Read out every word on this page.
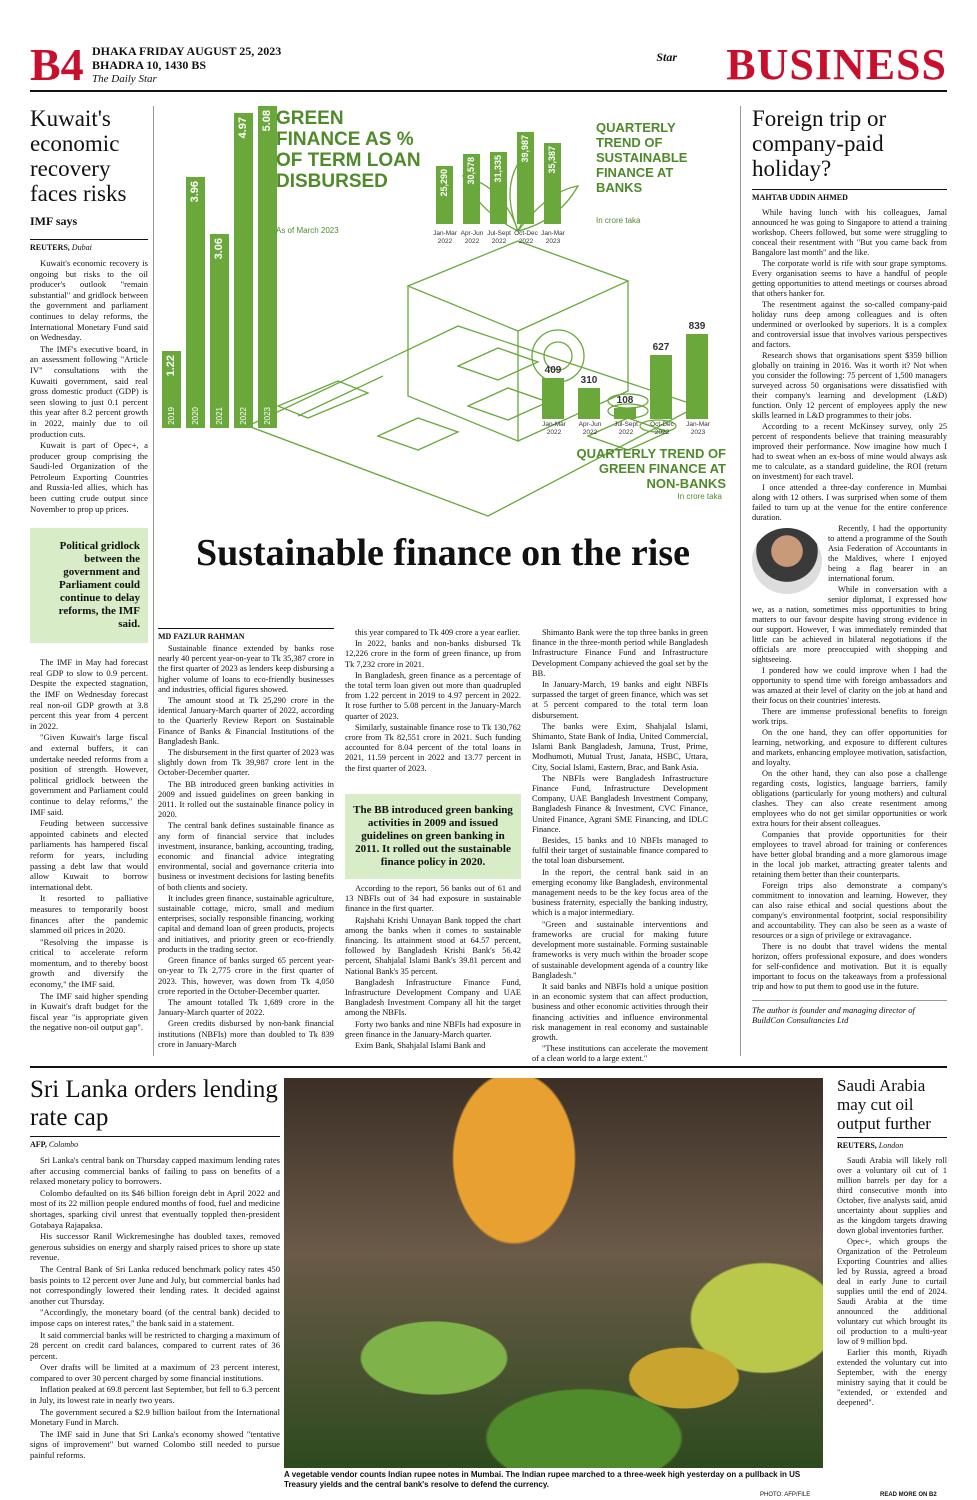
B4 DHAKA FRIDAY AUGUST 25, 2023
BHADRA 10, 1430 BS
The Daily Star
Star BUSINESS
Kuwait's economic recovery faces risks
IMF says
REUTERS, Dubai

Kuwait's economic recovery is ongoing but risks to the oil producer's outlook "remain substantial" and gridlock between the government and parliament continues to delay reforms, the International Monetary Fund said on Wednesday.

The IMF's executive board, in an assessment following "Article IV" consultations with the Kuwaiti government, said real gross domestic product (GDP) is seen slowing to just 0.1 percent this year after 8.2 percent growth in 2022, mainly due to oil production cuts.

Kuwait is part of Opec+, a producer group comprising the Saudi-led Organization of the Petroleum Exporting Countries and Russia-led allies, which has been cutting crude output since November to prop up prices.

Political gridlock between the government and Parliament could continue to delay reforms, the IMF said.

The IMF in May had forecast real GDP to slow to 0.9 percent. Despite the expected stagnation, the IMF on Wednesday forecast real non-oil GDP growth at 3.8 percent this year from 4 percent in 2022.

"Given Kuwait's large fiscal and external buffers, it can undertake needed reforms from a position of strength. However, political gridlock between the government and Parliament could continue to delay reforms," the IMF said.

Feuding between successive appointed cabinets and elected parliaments has hampered fiscal reform for years, including passing a debt law that would allow Kuwait to borrow international debt.

It resorted to palliative measures to temporarily boost finances after the pandemic slammed oil prices in 2020.

"Resolving the impasse is critical to accelerate reform momentum, and to thereby boost growth and diversify the economy," the IMF said.

The IMF said higher spending in Kuwait's draft budget for the fiscal year "is appropriate given the negative non-oil output gap".

1.22
2019
3.96
2020
3.06
2021
4.97
2022
5.08
2023
GREEN FINANCE AS % OF TERM LOAN DISBURSED
As of March 2023
25,290	30,578	31,335
39,987	35,387
Jan-Mar
2022
Apr-Jun
2022
Jul-Sept
2022
Oct-Dec
2022
Jan-Mar
2023
QUARTERLY TREND OF SUSTAINABLE FINANCE AT BANKS
In crore taka
409
310
108
627
839
Jan-Mar
2022
Apr-Jun
2022
Jul-Sept
2022
Oct-Dec
2022
Jan-Mar
2023
QUARTERLY TREND OF GREEN FINANCE AT NON-BANKS
In crore taka
Sustainable finance on the rise
MD FAZLUR RAHMAN

Sustainable finance extended by banks rose nearly 40 percent year-on-year to Tk 35,387 crore in the first quarter of 2023 as lenders keep disbursing a higher volume of loans to eco-friendly businesses and industries, official figures showed.

The amount stood at Tk 25,290 crore in the identical January-March quarter of 2022, according to the Quarterly Review Report on Sustainable Finance of Banks & Financial Institutions of the Bangladesh Bank.

The disbursement in the first quarter of 2023 was slightly down from Tk 39,987 crore lent in the October-December quarter.

The BB introduced green banking activities in 2009 and issued guidelines on green banking in 2011. It rolled out the sustainable finance policy in 2020.

The central bank defines sustainable finance as any form of financial service that includes investment, insurance, banking, accounting, trading, economic and financial advice integrating environmental, social and governance criteria into business or investment decisions for lasting benefits of both clients and society.

It includes green finance, sustainable agriculture, sustainable cottage, micro, small and medium enterprises, socially responsible financing, working capital and demand loan of green products, projects and initiatives, and priority green or eco-friendly products in the trading sector.

Green finance of banks surged 65 percent year-on-year to Tk 2,775 crore in the first quarter of 2023. This, however, was down from Tk 4,050 crore reported in the October-December quarter.

The amount totalled Tk 1,689 crore in the January-March quarter of 2022.

Green credits disbursed by non-bank financial institutions (NBFIs) more than doubled to Tk 839 crore in January-March

this year compared to Tk 409 crore a year earlier.

In 2022, banks and non-banks disbursed Tk 12,226 crore in the form of green finance, up from Tk 7,232 crore in 2021.

In Bangladesh, green finance as a percentage of the total term loan given out more than quadrupled from 1.22 percent in 2019 to 4.97 percent in 2022. It rose further to 5.08 percent in the January-March quarter of 2023.

Similarly, sustainable finance rose to Tk 130,762 crore from Tk 82,551 crore in 2021. Such funding accounted for 8.04 percent of the total loans in 2021, 11.59 percent in 2022 and 13.77 percent in the first quarter of 2023.

The BB introduced green banking activities in 2009 and issued guidelines on green banking in 2011. It rolled out the sustainable finance policy in 2020.

According to the report, 56 banks out of 61 and 13 NBFIs out of 34 had exposure in sustainable finance in the first quarter.

Rajshahi Krishi Unnayan Bank topped the chart among the banks when it comes to sustainable financing. Its attainment stood at 64.57 percent, followed by Bangladesh Krishi Bank's 56.42 percent, Shahjalal Islami Bank's 39.81 percent and National Bank's 35 percent.

Bangladesh Infrastructure Finance Fund, Infrastructure Development Company and UAE Bangladesh Investment Company all hit the target among the NBFIs.

Forty two banks and nine NBFIs had exposure in green finance in the January-March quarter.

Exim Bank, Shahjalal Islami Bank and

Shimanto Bank were the top three banks in green finance in the three-month period while Bangladesh Infrastructure Finance Fund and Infrastructure Development Company achieved the goal set by the BB.

In January-March, 19 banks and eight NBFIs surpassed the target of green finance, which was set at 5 percent compared to the total term loan disbursement.

The banks were Exim, Shahjalal Islami, Shimanto, State Bank of India, United Commercial, Islami Bank Bangladesh, Jamuna, Trust, Prime, Modhumoti, Mutual Trust, Janata, HSBC, Uttara, City, Social Islami, Eastern, Brac, and Bank Asia.

The NBFIs were Bangladesh Infrastructure Finance Fund, Infrastructure Development Company, UAE Bangladesh Investment Company, Bangladesh Finance & Investment, CVC Finance, United Finance, Agrani SME Financing, and IDLC Finance.

Besides, 15 banks and 10 NBFIs managed to fulfil their target of sustainable finance compared to the total loan disbursement.

In the report, the central bank said in an emerging economy like Bangladesh, environmental management needs to be the key focus area of the business fraternity, especially the banking industry, which is a major intermediary.

"Green and sustainable interventions and frameworks are crucial for making future development more sustainable. Forming sustainable frameworks is very much within the broader scope of sustainable development agenda of a country like Bangladesh."

It said banks and NBFIs hold a unique position in an economic system that can affect production, business and other economic activities through their financing activities and influence environmental risk management in real economy and sustainable growth.

"These institutions can accelerate the movement of a clean world to a large extent."

Foreign trip or company-paid holiday?
MAHTAB UDDIN AHMED

While having lunch with his colleagues, Jamal announced he was going to Singapore to attend a training workshop. Cheers followed, but some were struggling to conceal their resentment with "But you came back from Bangalore last month" and the like.

The corporate world is rife with sour grape symptoms. Every organisation seems to have a handful of people getting opportunities to attend meetings or courses abroad that others hanker for.

The resentment against the so-called company-paid holiday runs deep among colleagues and is often undermined or overlooked by superiors. It is a complex and controversial issue that involves various perspectives and factors.

Research shows that organisations spent $359 billion globally on training in 2016. Was it worth it? Not when you consider the following: 75 percent of 1,500 managers surveyed across 50 organisations were dissatisfied with their company's learning and development (L&D) function. Only 12 percent of employees apply the new skills learned in L&D programmes to their jobs.

According to a recent McKinsey survey, only 25 percent of respondents believe that training measurably improved their performance. Now imagine how much I had to sweat when an ex-boss of mine would always ask me to calculate, as a standard guideline, the ROI (return on investment) for each travel.

I once attended a three-day conference in Mumbai along with 12 others. I was surprised when some of them failed to turn up at the venue for the entire conference duration.

Recently, I had the opportunity to attend a programme of the South Asia Federation of Accountants in the Maldives, where I enjoyed being a flag bearer in an international forum.

While in conversation with a senior diplomat, I expressed how we, as a nation, sometimes miss opportunities to bring matters to our favour despite having strong evidence in our support. However, I was immediately reminded that little can be achieved in bilateral negotiations if the officials are more preoccupied with shopping and sightseeing.

I pondered how we could improve when I had the opportunity to spend time with foreign ambassadors and was amazed at their level of clarity on the job at hand and their focus on their countries' interests.

There are immense professional benefits to foreign work trips.

On the one hand, they can offer opportunities for learning, networking, and exposure to different cultures and markets, enhancing employee motivation, satisfaction, and loyalty.

On the other hand, they can also pose a challenge regarding costs, logistics, language barriers, family obligations (particularly for young mothers) and cultural clashes. They can also create resentment among employees who do not get similar opportunities or work extra hours for their absent colleagues.

Companies that provide opportunities for their employees to travel abroad for training or conferences have better global branding and a more glamorous image in the local job market, attracting greater talents and retaining them better than their counterparts.

Foreign trips also demonstrate a company's commitment to innovation and learning. However, they can also raise ethical and social questions about the company's environmental footprint, social responsibility and accountability. They can also be seen as a waste of resources or a sign of privilege or extravagance.

There is no doubt that travel widens the mental horizon, offers professional exposure, and does wonders for self-confidence and motivation. But it is equally important to focus on the takeaways from a professional trip and how to put them to good use in the future.

The author is founder and managing director of BuildCon Consultancies Ltd
Sri Lanka orders lending rate cap
AFP, Colombo

Sri Lanka's central bank on Thursday capped maximum lending rates after accusing commercial banks of failing to pass on benefits of a relaxed monetary policy to borrowers.

Colombo defaulted on its $46 billion foreign debt in April 2022 and most of its 22 million people endured months of food, fuel and medicine shortages, sparking civil unrest that eventually toppled then-president Gotabaya Rajapaksa.

His successor Ranil Wickremesinghe has doubled taxes, removed generous subsidies on energy and sharply raised prices to shore up state revenue.

The Central Bank of Sri Lanka reduced benchmark policy rates 450 basis points to 12 percent over June and July, but commercial banks had not correspondingly lowered their lending rates. It decided against another cut Thursday.

"Accordingly, the monetary board (of the central bank) decided to impose caps on interest rates," the bank said in a statement.

It said commercial banks will be restricted to charging a maximum of 28 percent on credit card balances, compared to current rates of 36 percent.

Over drafts will be limited at a maximum of 23 percent interest, compared to over 30 percent charged by some financial institutions.

Inflation peaked at 69.8 percent last September, but fell to 6.3 percent in July, its lowest rate in nearly two years.

The government secured a $2.9 billion bailout from the International Monetary Fund in March.

The IMF said in June that Sri Lanka's economy showed "tentative signs of improvement" but warned Colombo still needed to pursue painful reforms.

A vegetable vendor counts Indian rupee notes in Mumbai. The Indian rupee marched to a three-week high yesterday on a pullback in US Treasury yields and the central bank's resolve to defend the currency.
PHOTO: AFP/FILE
Saudi Arabia may cut oil output further
REUTERS, London

Saudi Arabia will likely roll over a voluntary oil cut of 1 million barrels per day for a third consecutive month into October, five analysts said, amid uncertainty about supplies and as the kingdom targets drawing down global inventories further.

Opec+, which groups the Organization of the Petroleum Exporting Countries and allies led by Russia, agreed a broad deal in early June to curtail supplies until the end of 2024. Saudi Arabia at the time announced the additional voluntary cut which brought its oil production to a multi-year low of 9 million bpd.

Earlier this month, Riyadh extended the voluntary cut into September, with the energy ministry saying that it could be "extended, or extended and deepened".

READ MORE ON B2
